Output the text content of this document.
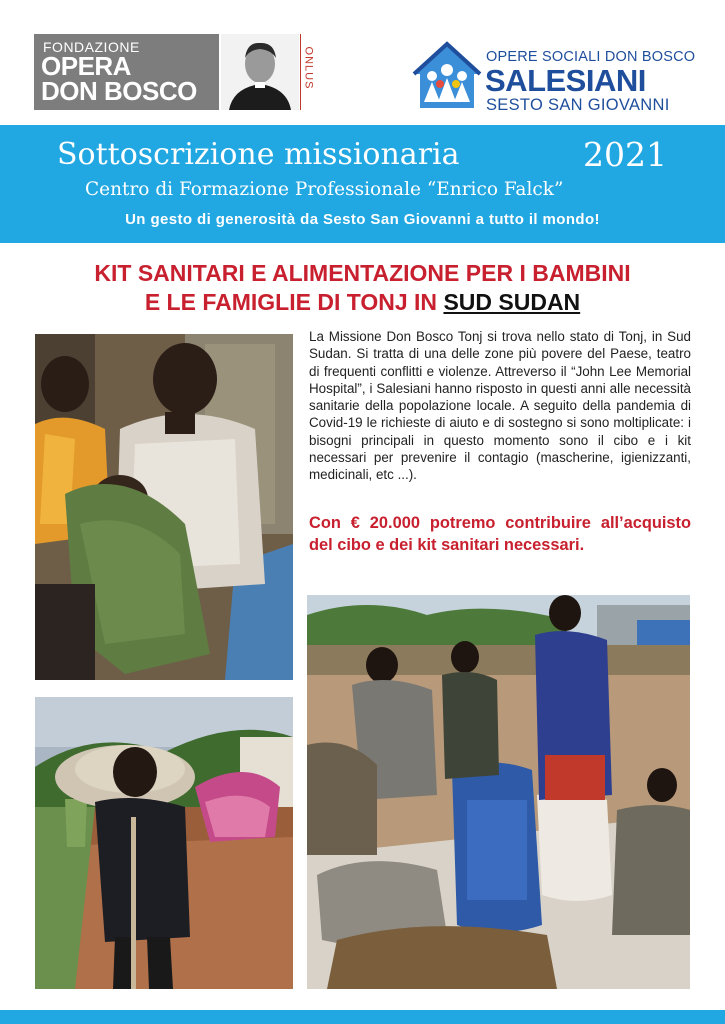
FONDAZIONE
OPERA
DON BOSCO
ONLUS	OPERE SOCIALI DON BOSCO
SALESIANI
SESTO SAN GIOVANNI
Sottoscrizione missionaria	2021
Centro di Formazione Professionale “Enrico Falck”
Un gesto di generosità da Sesto San Giovanni a tutto il mondo!
KIT SANITARI E ALIMENTAZIONE PER I BAMBINI
E LE FAMIGLIE DI TONJ IN SUD SUDAN
La Missione Don Bosco Tonj si trova nello stato di Tonj, in Sud Sudan. Si tratta di una delle zone più povere del Paese, teatro di frequenti conflitti e violenze. Attreverso il “John Lee Memorial Hospital”, i Salesiani hanno risposto in questi anni alle necessità sanitarie della popolazione locale. A seguito della pandemia di Covid-19 le richieste di aiuto e di sostegno si sono moltiplicate: i bisogni principali in questo momento sono il cibo e i kit necessari per prevenire il contagio (mascherine, igienizzanti, medicinali, etc ...).
Con € 20.000 potremo contribuire all’acquisto del cibo e dei kit sanitari necessari.
